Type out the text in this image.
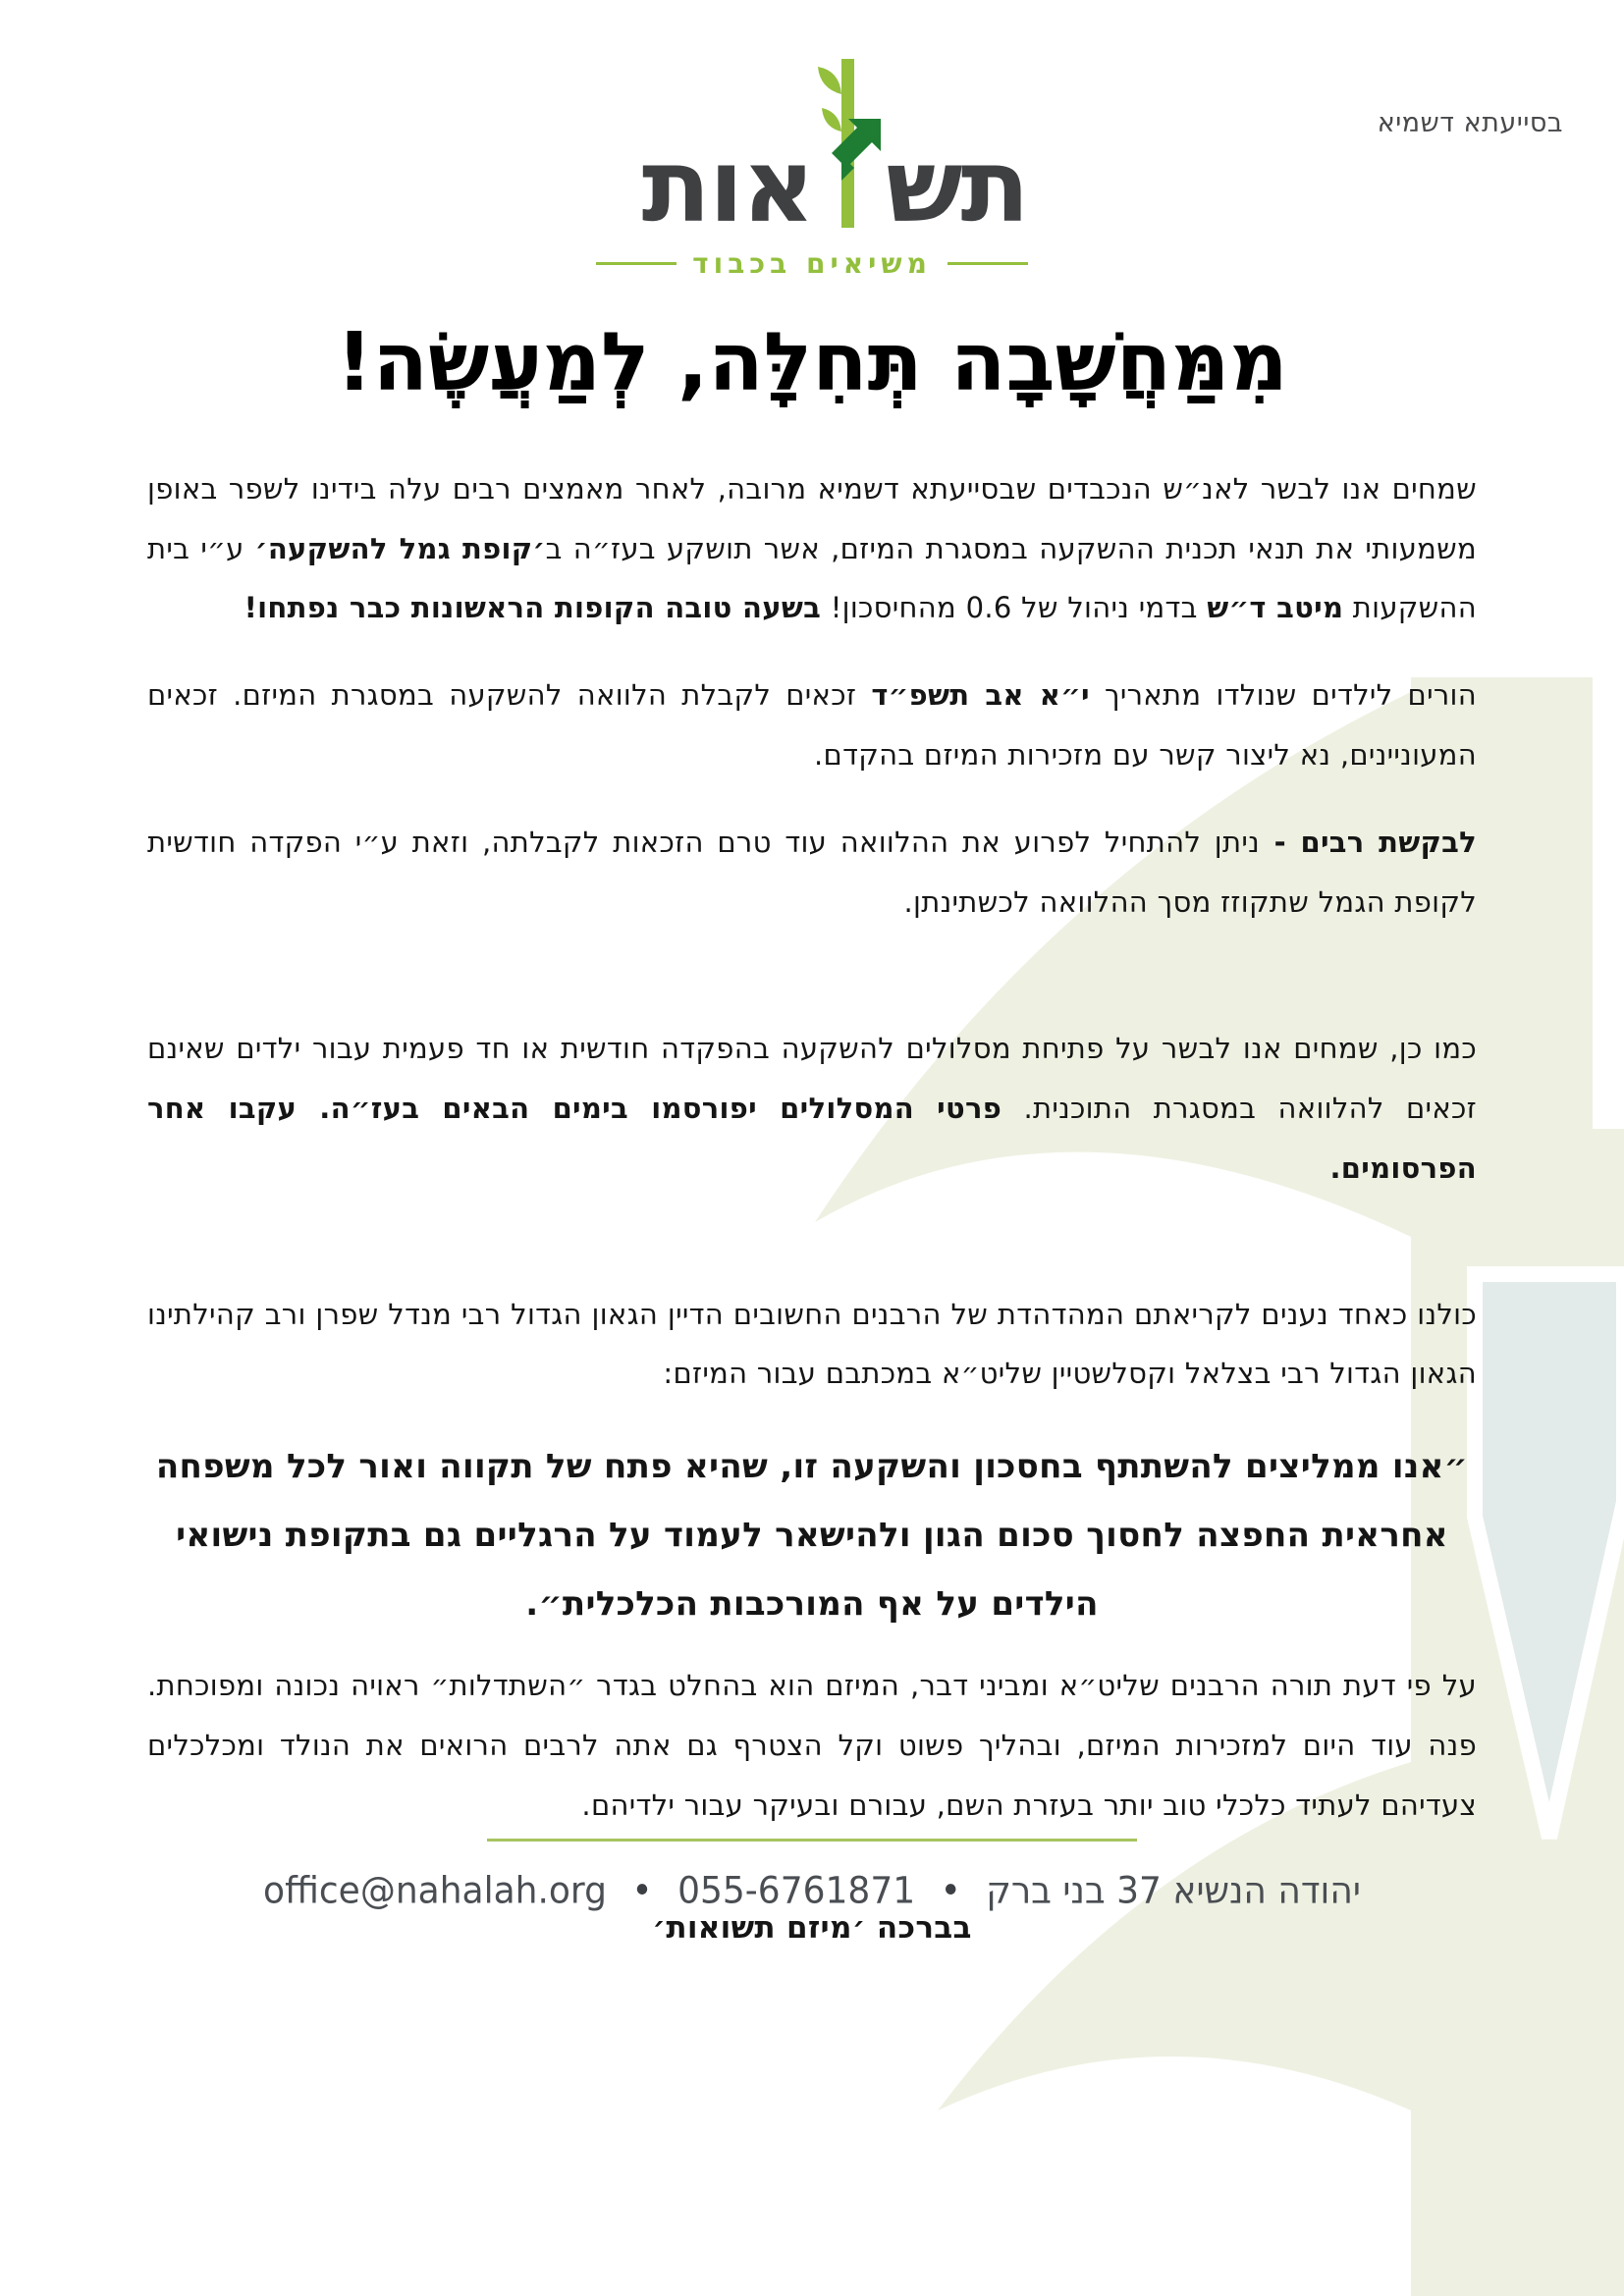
בסייעתא דשמיא
תש
אות
משיאים בכבוד
מִמַּחֲשָׁבָה תְּחִלָּה, לְמַעֲשֶׂה!

שמחים אנו לבשר לאנ״ש הנכבדים שבסייעתא דשמיא מרובה, לאחר מאמצים רבים עלה בידינו לשפר באופן משמעותי את תנאי תכנית ההשקעה במסגרת המיזם, אשר תושקע בעז״ה ב׳קופת גמל להשקעה׳ ע״י בית ההשקעות מיטב ד״ש בדמי ניהול של 0.6 מהחיסכון! בשעה טובה הקופות הראשונות כבר נפתחו!

הורים לילדים שנולדו מתאריך י״א אב תשפ״ד זכאים לקבלת הלוואה להשקעה במסגרת המיזם. זכאים המעוניינים, נא ליצור קשר עם מזכירות המיזם בהקדם.

לבקשת רבים - ניתן להתחיל לפרוע את ההלוואה עוד טרם הזכאות לקבלתה, וזאת ע״י הפקדה חודשית לקופת הגמל שתקוזז מסך ההלוואה לכשתינתן.

כמו כן, שמחים אנו לבשר על פתיחת מסלולים להשקעה בהפקדה חודשית או חד פעמית עבור ילדים שאינם זכאים להלוואה במסגרת התוכנית. פרטי המסלולים יפורסמו בימים הבאים בעז״ה. עקבו אחר הפרסומים.

כולנו כאחד נענים לקריאתם המהדהדת של הרבנים החשובים הדיין הגאון הגדול רבי מנדל שפרן ורב קהילתינו הגאון הגדול רבי בצלאל וקסלשטיין שליט״א במכתבם עבור המיזם:

״אנו ממליצים להשתתף בחסכון והשקעה זו, שהיא פתח של תקווה ואור לכל משפחה אחראית החפצה לחסוך סכום הגון ולהישאר לעמוד על הרגליים גם בתקופת נישואי הילדים על אף המורכבות הכלכלית״.

על פי דעת תורה הרבנים שליט״א ומביני דבר, המיזם הוא בהחלט בגדר ״השתדלות״ ראויה נכונה ומפוכחת. פנה עוד היום למזכירות המיזם, ובהליך פשוט וקל הצטרף גם אתה לרבים הרואים את הנולד ומכלכלים צעדיהם לעתיד כלכלי טוב יותר בעזרת השם, עבורם ובעיקר עבור ילדיהם.

בברכה ׳מיזם תשואות׳
יהודה הנשיא 37 בני ברק • 055-6761871 • office@nahalah.org
